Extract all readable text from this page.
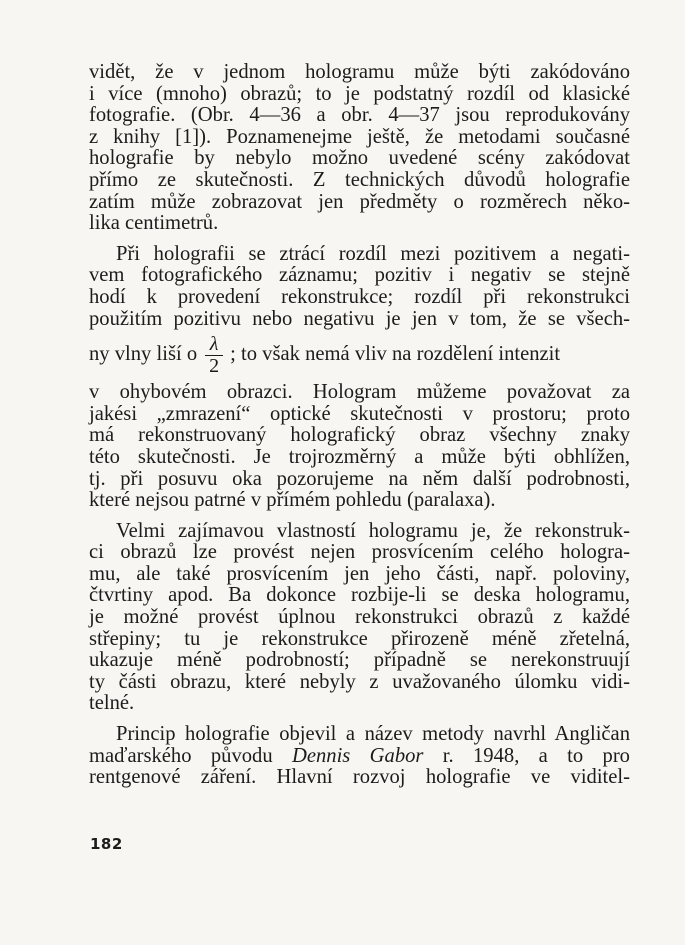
vidět, že v jednom hologramu může býti zakódováno
i více (mnoho) obrazů; to je podstatný rozdíl od klasické
fotografie. (Obr. 4—36 a obr. 4—37 jsou reprodukovány
z knihy [1]). Poznamenejme ještě, že metodami současné
holografie by nebylo možno uvedené scény zakódovat
přímo ze skutečnosti. Z technických důvodů holografie
zatím může zobrazovat jen předměty o rozměrech něko-
lika centimetrů.
Při holografii se ztrácí rozdíl mezi pozitivem a negati-
vem fotografického záznamu; pozitiv i negativ se stejně
hodí k provedení rekonstrukce; rozdíl při rekonstrukci
použitím pozitivu nebo negativu je jen v tom, že se všech-
ny vlny liší o $\frac{\lambda}{2}$ ; to však nemá vliv na rozdělení intenzit
v ohybovém obrazci. Hologram můžeme považovat za
jakési „zmrazení“ optické skutečnosti v prostoru; proto
má rekonstruovaný holografický obraz všechny znaky
této skutečnosti. Je trojrozměrný a může býti obhlížen,
tj. při posuvu oka pozorujeme na něm další podrobnosti,
které nejsou patrné v přímém pohledu (paralaxa).
Velmi zajímavou vlastností hologramu je, že rekonstruk-
ci obrazů lze provést nejen prosvícením celého hologra-
mu, ale také prosvícením jen jeho části, např. poloviny,
čtvrtiny apod. Ba dokonce rozbije-li se deska hologramu,
je možné provést úplnou rekonstrukci obrazů z každé
střepiny; tu je rekonstrukce přirozeně méně zřetelná,
ukazuje méně podrobností; případně se nerekonstruují
ty části obrazu, které nebyly z uvažovaného úlomku vidi-
telné.
Princip holografie objevil a název metody navrhl Angličan
maďarského původu Dennis Gabor r. 1948, a to pro
rentgenové záření. Hlavní rozvoj holografie ve viditel-
182
